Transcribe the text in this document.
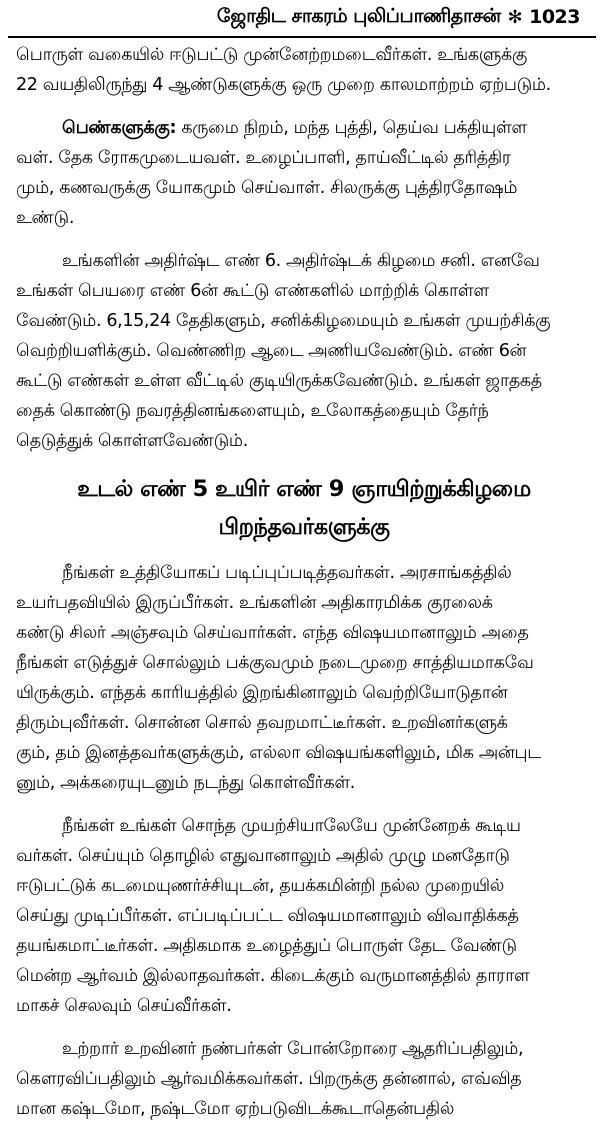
ஜோதிட சாகரம் புலிப்பாணிதாசன் ✻ 1023
பொருள் வகையில் ஈடுபட்டு முன்னேற்றமடைவீர்கள். உங்களுக்கு
22 வயதிலிருந்து 4 ஆண்டுகளுக்கு ஒரு முறை காலமாற்றம் ஏற்படும்.
பெண்களுக்கு: கருமை நிறம், மந்த புத்தி, தெய்வ பக்தியுள்ள
வள். தேக ரோகமுடையவள். உழைப்பாளி, தாய்வீட்டில் தரித்திர
மும், கணவருக்கு யோகமும் செய்வாள். சிலருக்கு புத்திரதோஷம்
உண்டு.
உங்களின் அதிர்ஷ்ட எண் 6. அதிர்ஷ்டக் கிழமை சனி. எனவே
உங்கள் பெயரை எண் 6ன் கூட்டு எண்களில் மாற்றிக் கொள்ள
வேண்டும். 6,15,24 தேதிகளும், சனிக்கிழமையும் உங்கள் முயற்சிக்கு
வெற்றியளிக்கும். வெண்ணிற ஆடை அணியவேண்டும். எண் 6ன்
கூட்டு எண்கள் உள்ள வீட்டில் குடியிருக்கவேண்டும். உங்கள் ஜாதகத்
தைக் கொண்டு நவரத்தினங்களையும், உலோகத்தையும் தேர்ந்
தெடுத்துக் கொள்ளவேண்டும்.
உடல் எண் 5 உயிர் எண் 9 ஞாயிற்றுக்கிழமை
பிறந்தவர்களுக்கு
நீங்கள் உத்தியோகப் படிப்புப்படித்தவர்கள். அரசாங்கத்தில்
உயர்பதவியில் இருப்பீர்கள். உங்களின் அதிகாரமிக்க குரலைக்
கண்டு சிலர் அஞ்சவும் செய்வார்கள். எந்த விஷயமானாலும் அதை
நீங்கள் எடுத்துச் சொல்லும் பக்குவமும் நடைமுறை சாத்தியமாகவே
யிருக்கும். எந்தக் காரியத்தில் இறங்கினாலும் வெற்றியோடுதான்
திரும்புவீர்கள். சொன்ன சொல் தவறமாட்டீர்கள். உறவினர்களுக்
கும், தம் இனத்தவர்களுக்கும், எல்லா விஷயங்களிலும், மிக அன்புட
னும், அக்கரையுடனும் நடந்து கொள்வீர்கள்.
நீங்கள் உங்கள் சொந்த முயற்சியாலேயே முன்னேறக் கூடிய
வர்கள். செய்யும் தொழில் எதுவானாலும் அதில் முழு மனதோடு
ஈடுபட்டுக் கடமையுணர்ச்சியுடன், தயக்கமின்றி நல்ல முறையில்
செய்து முடிப்பீர்கள். எப்படிப்பட்ட விஷயமானாலும் விவாதிக்கத்
தயங்கமாட்டீர்கள். அதிகமாக உழைத்துப் பொருள் தேட வேண்டு
மென்ற ஆர்வம் இல்லாதவர்கள். கிடைக்கும் வருமானத்தில் தாராள
மாகச் செலவும் செய்வீர்கள்.
உற்றார் உறவினர் நண்பர்கள் போன்றோரை ஆதரிப்பதிலும்,
கௌரவிப்பதிலும் ஆர்வமிக்கவர்கள். பிறருக்கு தன்னால், எவ்வித
மான கஷ்டமோ, நஷ்டமோ ஏற்படுவிடக்கூடாதென்பதில்
